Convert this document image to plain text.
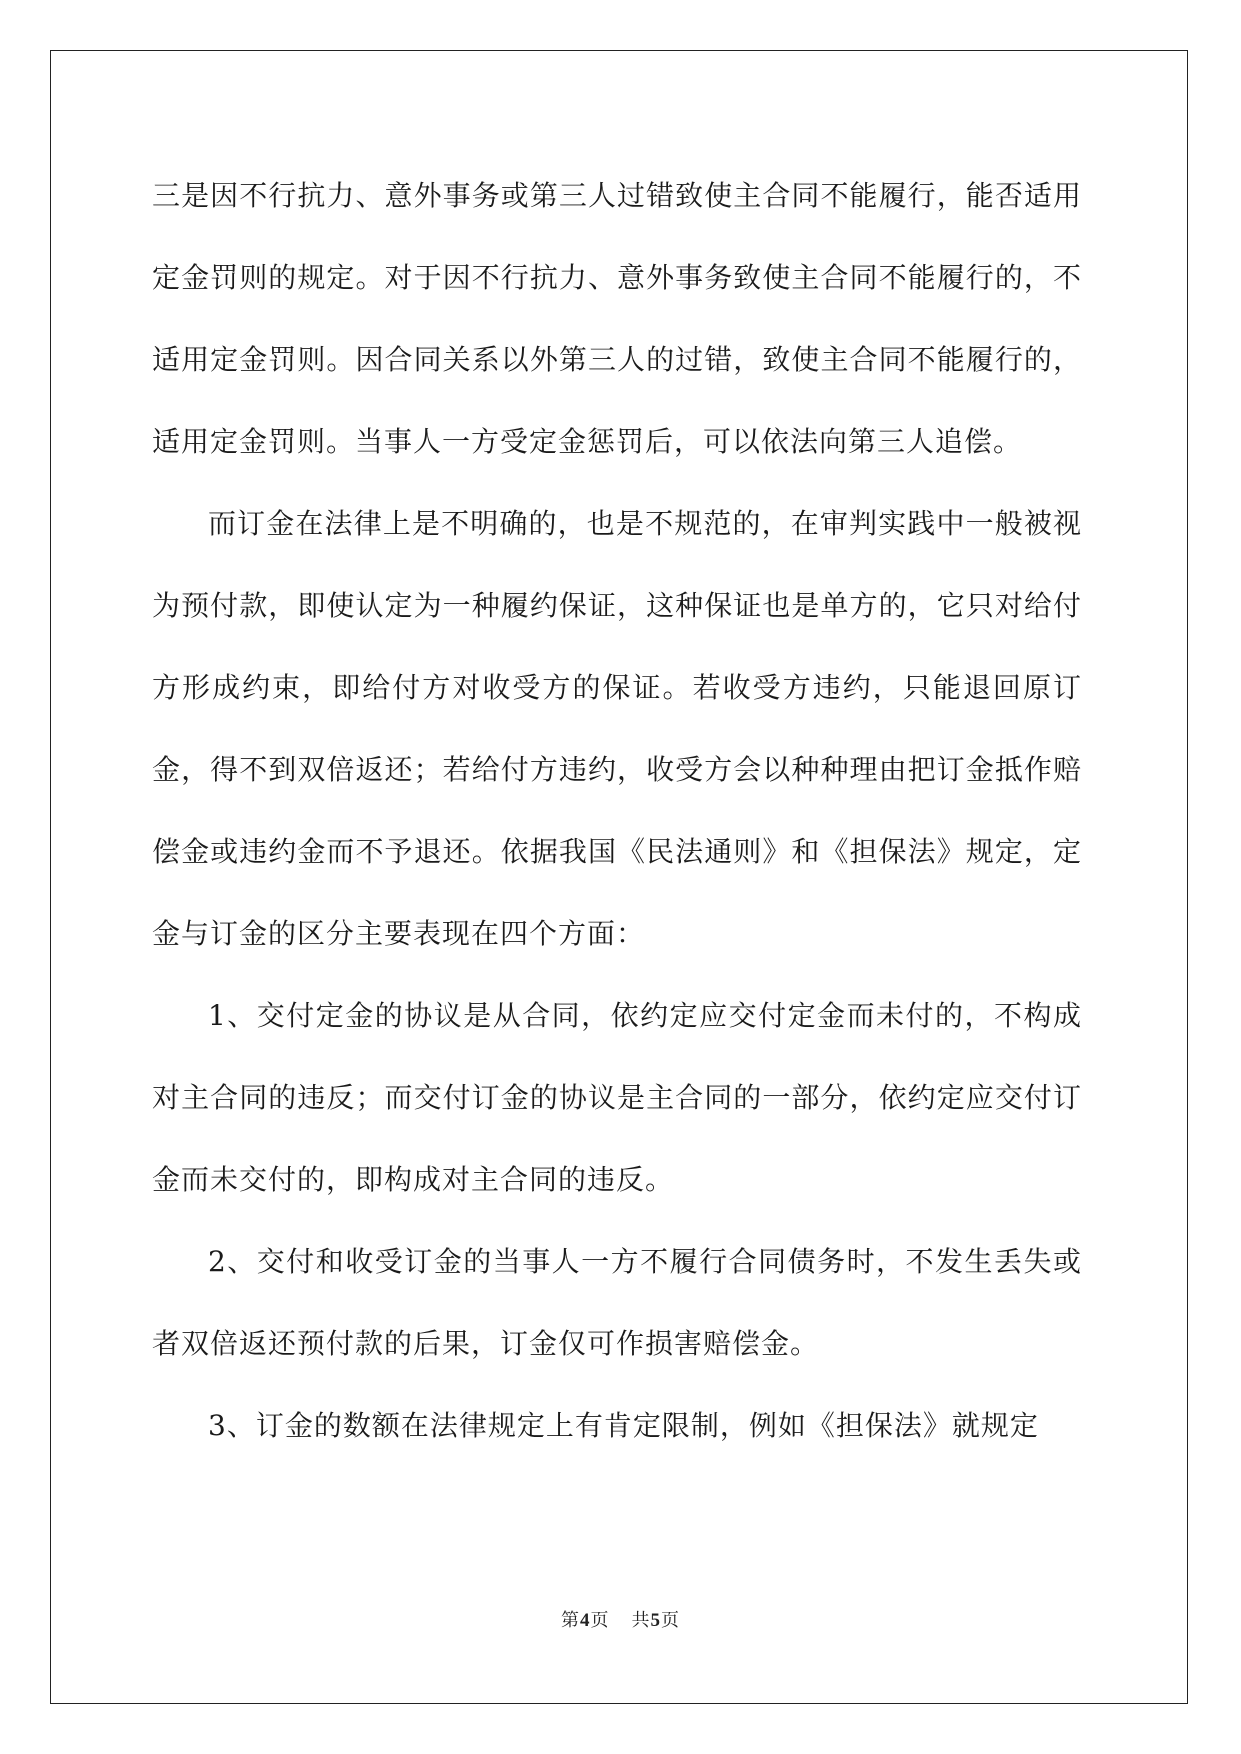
三是因不行抗力、意外事务或第三人过错致使主合同不能履行，能否适用定金罚则的规定。对于因不行抗力、意外事务致使主合同不能履行的，不适用定金罚则。因合同关系以外第三人的过错，致使主合同不能履行的，适用定金罚则。当事人一方受定金惩罚后，可以依法向第三人追偿。

而订金在法律上是不明确的，也是不规范的，在审判实践中一般被视为预付款，即使认定为一种履约保证，这种保证也是单方的，它只对给付方形成约束，即给付方对收受方的保证。若收受方违约，只能退回原订金，得不到双倍返还；若给付方违约，收受方会以种种理由把订金抵作赔偿金或违约金而不予退还。依据我国《民法通则》和《担保法》规定，定金与订金的区分主要表现在四个方面：

1、交付定金的协议是从合同，依约定应交付定金而未付的，不构成对主合同的违反；而交付订金的协议是主合同的一部分，依约定应交付订金而未交付的，即构成对主合同的违反。

2、交付和收受订金的当事人一方不履行合同债务时，不发生丢失或者双倍返还预付款的后果，订金仅可作损害赔偿金。

3、订金的数额在法律规定上有肯定限制，例如《担保法》就规定

第4页 共5页
